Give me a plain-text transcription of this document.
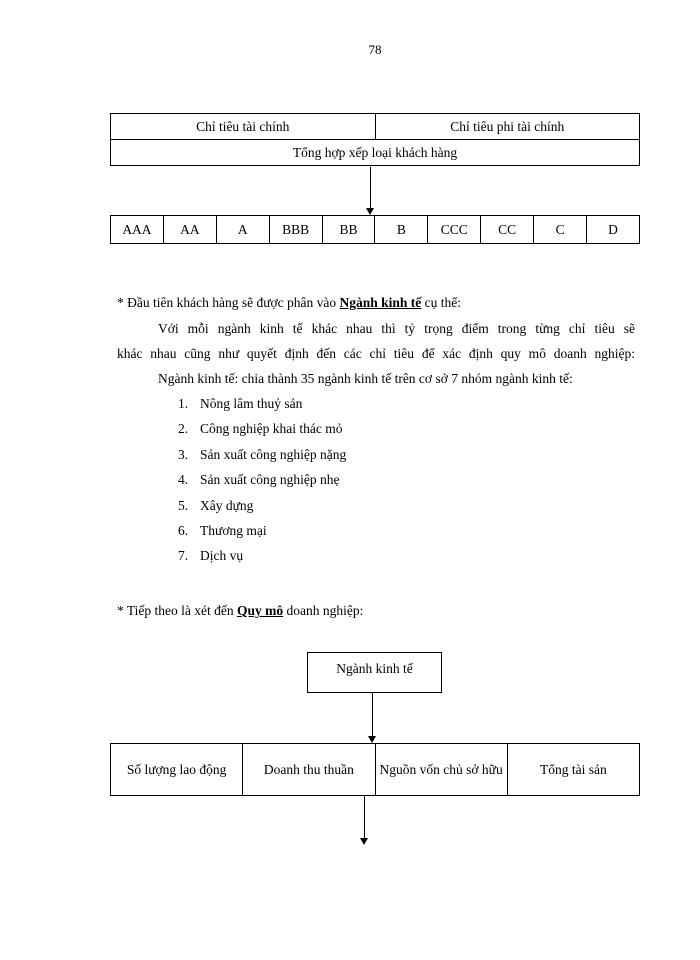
78
Chỉ tiêu tài chính	Chỉ tiêu phi tài chính
Tổng hợp xếp loại khách hàng
AAA	AA	A	BBB	BB	B	CCC	CC	C	D
* Đầu tiên khách hàng sẽ được phân vào Ngành kinh tế cụ thể:
Với mỗi ngành kinh tế khác nhau thì tỷ trọng điểm trong từng chỉ tiêu sẽ
khác nhau cũng như quyết định đến các chỉ tiêu để xác định quy mô doanh nghiệp:
Ngành kinh tế: chia thành 35 ngành kinh tế trên cơ sở 7 nhóm ngành kinh tế:
1. Nông lâm thuỷ sản
2. Công nghiệp khai thác mỏ
3. Sản xuất công nghiệp nặng
4. Sản xuất công nghiệp nhẹ
5. Xây dựng
6. Thương mại
7. Dịch vụ
* Tiếp theo là xét đến Quy mô doanh nghiệp:
Ngành kinh tế
Số lượng lao động	Doanh thu thuần	Nguồn vốn chủ sở hữu	Tổng tài sản
